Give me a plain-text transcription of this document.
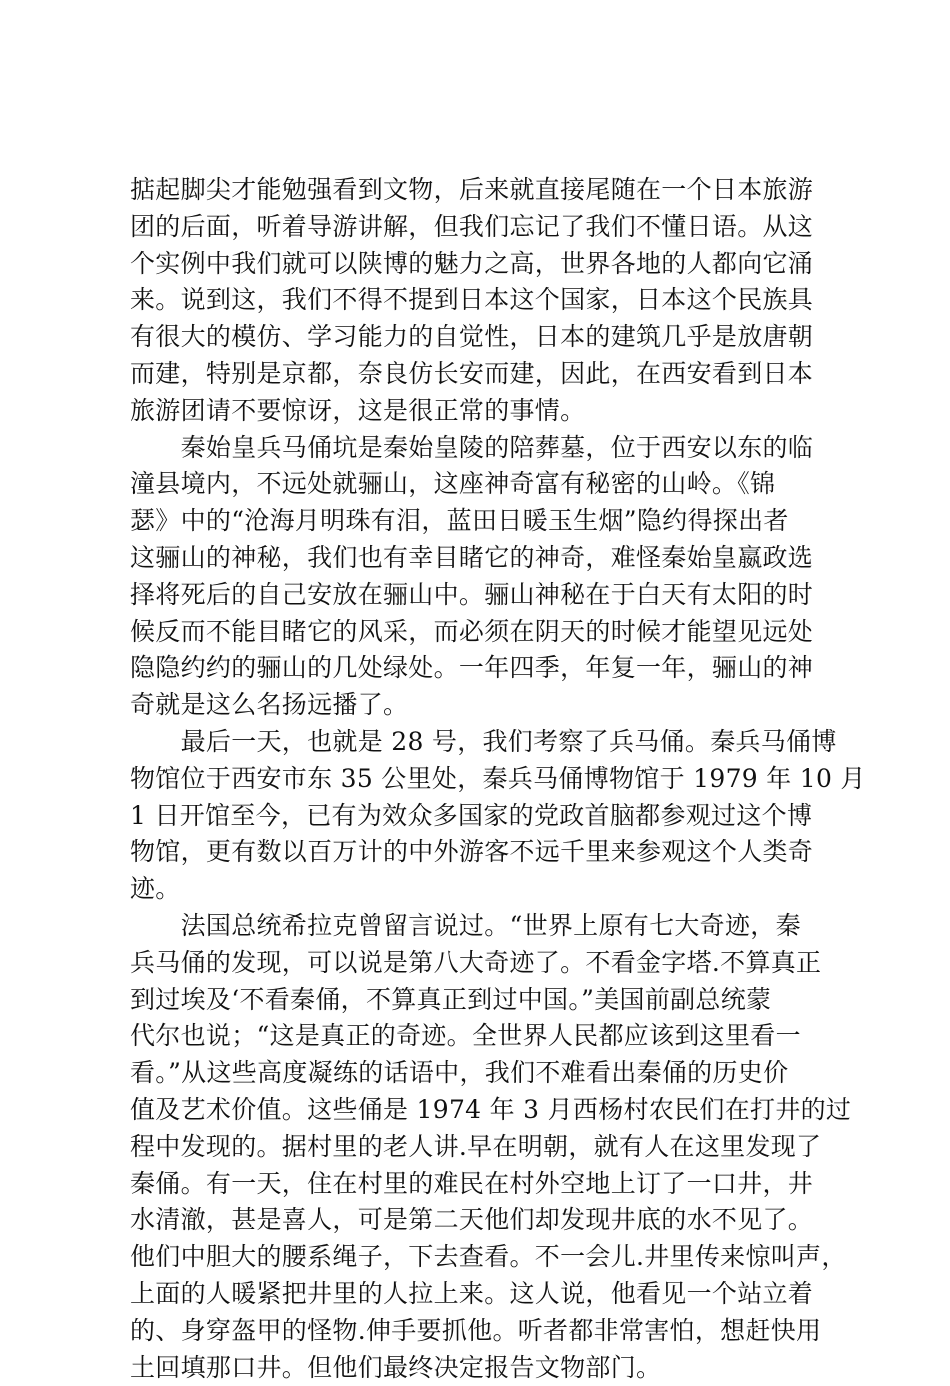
掂起脚尖才能勉强看到文物，后来就直接尾随在一个日本旅游
团的后面，听着导游讲解，但我们忘记了我们不懂日语。从这
个实例中我们就可以陕博的魅力之高，世界各地的人都向它涌
来。说到这，我们不得不提到日本这个国家，日本这个民族具
有很大的模仿、学习能力的自觉性，日本的建筑几乎是放唐朝
而建，特别是京都，奈良仿长安而建，因此，在西安看到日本
旅游团请不要惊讶，这是很正常的事情。
　　秦始皇兵马俑坑是秦始皇陵的陪葬墓，位于西安以东的临
潼县境内，不远处就骊山，这座神奇富有秘密的山岭。《锦
瑟》中的“沧海月明珠有泪，蓝田日暖玉生烟”隐约得探出者
这骊山的神秘，我们也有幸目睹它的神奇，难怪秦始皇嬴政选
择将死后的自己安放在骊山中。骊山神秘在于白天有太阳的时
候反而不能目睹它的风采，而必须在阴天的时候才能望见远处
隐隐约约的骊山的几处绿处。一年四季，年复一年，骊山的神
奇就是这么名扬远播了。
　　最后一天，也就是 28 号，我们考察了兵马俑。秦兵马俑博
物馆位于西安市东 35 公里处，秦兵马俑博物馆于 1979 年 10 月
1 日开馆至今，已有为效众多国家的党政首脑都参观过这个博
物馆，更有数以百万计的中外游客不远千里来参观这个人类奇
迹。
　　法国总统希拉克曾留言说过。“世界上原有七大奇迹，秦
兵马俑的发现，可以说是第八大奇迹了。不看金字塔.不算真正
到过埃及‘不看秦俑，不算真正到过中国。”美国前副总统蒙
代尔也说；“这是真正的奇迹。全世界人民都应该到这里看一
看。”从这些高度凝练的话语中，我们不难看出秦俑的历史价
值及艺术价值。这些俑是 1974 年 3 月西杨村农民们在打井的过
程中发现的。据村里的老人讲.早在明朝，就有人在这里发现了
秦俑。有一天，住在村里的难民在村外空地上订了一口井，井
水清澈，甚是喜人，可是第二天他们却发现井底的水不见了。
他们中胆大的腰系绳子，下去查看。不一会儿.井里传来惊叫声，
上面的人暖紧把井里的人拉上来。这人说，他看见一个站立着
的、身穿盔甲的怪物.伸手要抓他。听者都非常害怕，想赶快用
土回填那口井。但他们最终决定报告文物部门。
